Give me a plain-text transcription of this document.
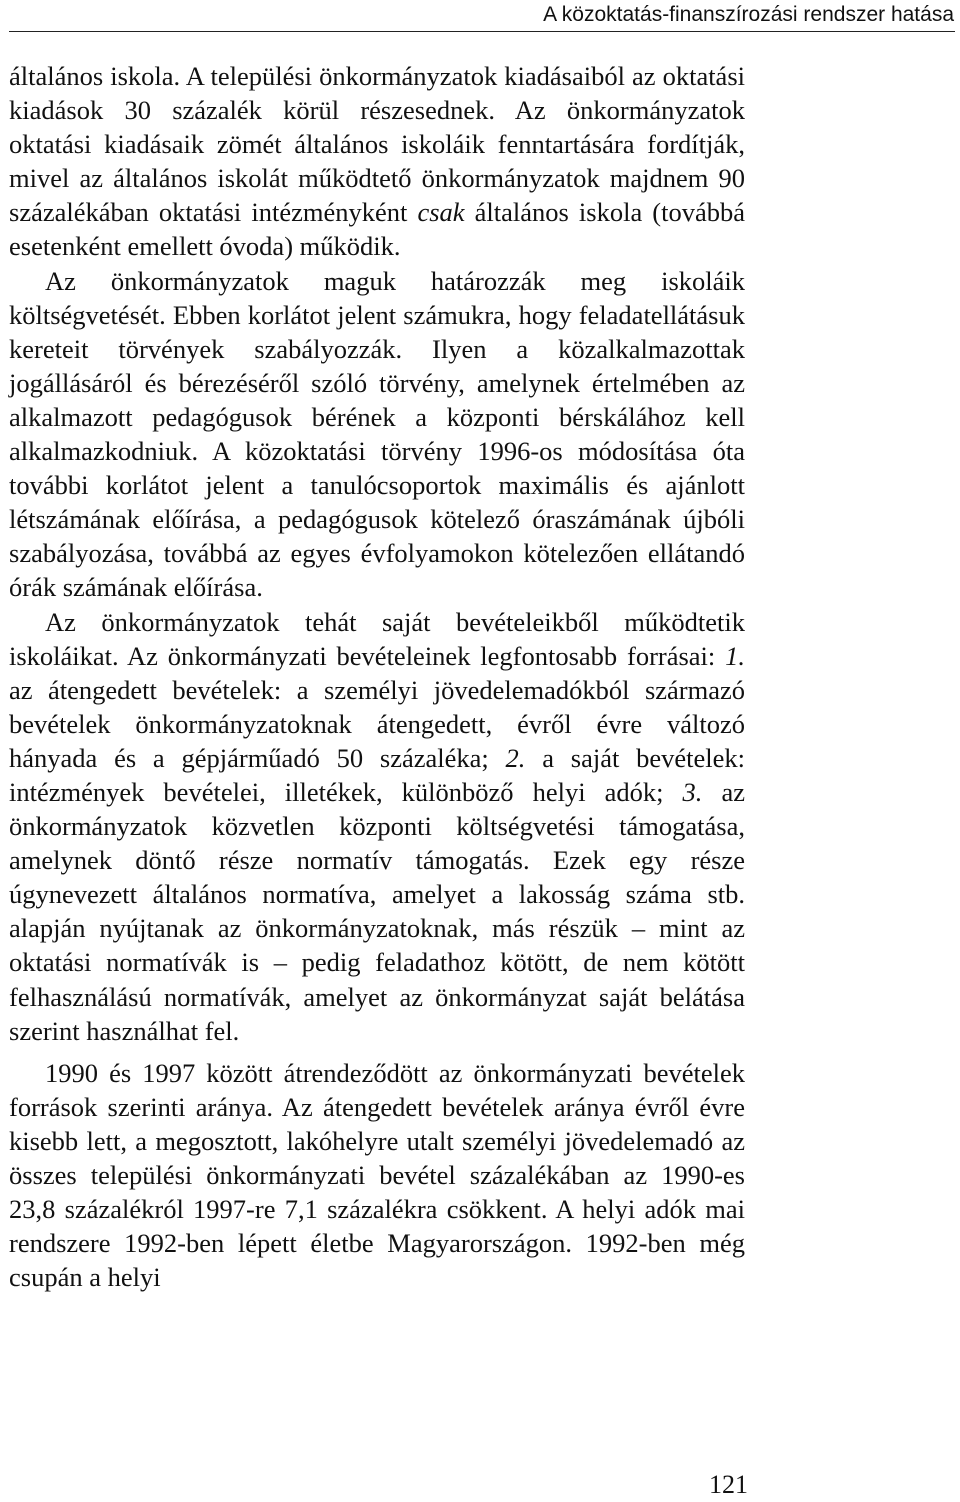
A közoktatás-finanszírozási rendszer hatása

általános iskola. A települési önkormányzatok kiadásaiból az oktatási kiadások 30 százalék körül részesednek. Az önkormányzatok oktatási kiadásaik zömét általános iskoláik fenntartására fordítják, mivel az általános iskolát működtető önkormányzatok majdnem 90 százalékában oktatási intézményként csak általános iskola (továbbá esetenként emellett óvoda) működik.

Az önkormányzatok maguk határozzák meg iskoláik költségvetését. Ebben korlátot jelent számukra, hogy feladatellátásuk kereteit törvények szabályozzák. Ilyen a közalkalmazottak jogállásáról és bérezéséről szóló törvény, amelynek értelmében az alkalmazott pedagógusok bérének a központi bérskálához kell alkalmazkodniuk. A közoktatási törvény 1996-os módosítása óta további korlátot jelent a tanulócsoportok maximális és ajánlott létszámának előírása, a pedagógusok kötelező óraszámának újbóli szabályozása, továbbá az egyes évfolyamokon kötelezően ellátandó órák számának előírása.

Az önkormányzatok tehát saját bevételeikből működtetik iskoláikat. Az önkormányzati bevételeinek legfontosabb forrásai: 1. az átengedett bevételek: a személyi jövedelemadókból származó bevételek önkormányzatoknak átengedett, évről évre változó hányada és a gépjárműadó 50 százaléka; 2. a saját bevételek: intézmények bevételei, illetékek, különböző helyi adók; 3. az önkormányzatok közvetlen központi költségvetési támogatása, amelynek döntő része normatív támogatás. Ezek egy része úgynevezett általános normatíva, amelyet a lakosság száma stb. alapján nyújtanak az önkormányzatoknak, más részük – mint az oktatási normatívák is – pedig feladathoz kötött, de nem kötött felhasználású normatívák, amelyet az önkormányzat saját belátása szerint használhat fel.

1990 és 1997 között átrendeződött az önkormányzati bevételek források szerinti aránya. Az átengedett bevételek aránya évről évre kisebb lett, a megosztott, lakóhelyre utalt személyi jövedelemadó az összes települési önkormányzati bevétel százalékában az 1990-es 23,8 százalékról 1997-re 7,1 százalékra csökkent. A helyi adók mai rendszere 1992-ben lépett életbe Magyarországon. 1992-ben még csupán a helyi

121
